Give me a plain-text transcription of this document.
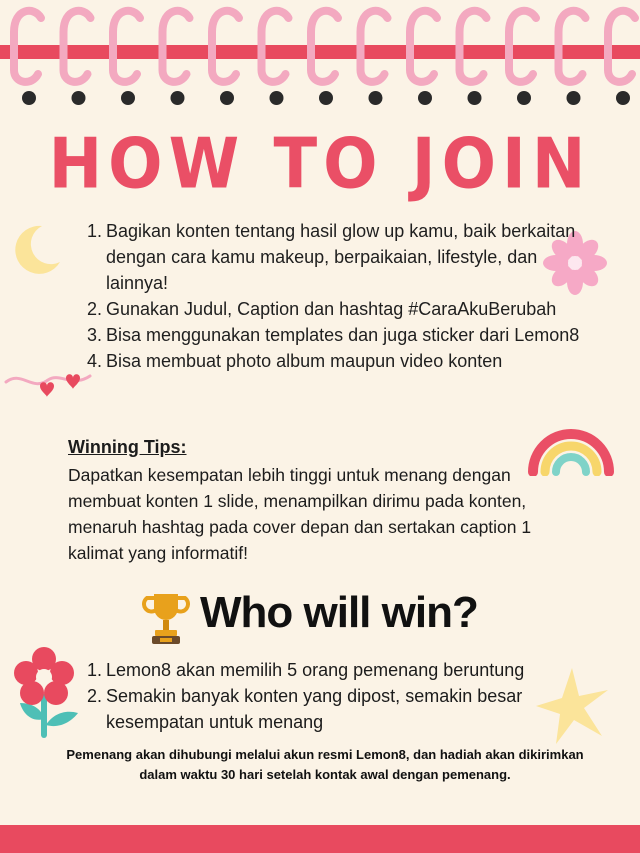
HOW TO JOIN
1. Bagikan konten tentang hasil glow up kamu, baik berkaitan dengan cara kamu makeup, berpaikaian, lifestyle, dan lainnya!
2. Gunakan Judul, Caption dan hashtag #CaraAkuBerubah
3. Bisa menggunakan templates dan juga sticker dari Lemon8
4. Bisa membuat photo album maupun video konten
Winning Tips:
Dapatkan kesempatan lebih tinggi untuk menang dengan membuat konten 1 slide, menampilkan dirimu pada konten, menaruh hashtag pada cover depan dan sertakan caption 1 kalimat yang informatif!
Who will win?
1. Lemon8 akan memilih 5 orang pemenang beruntung
2. Semakin banyak konten yang dipost, semakin besar kesempatan untuk menang
Pemenang akan dihubungi melalui akun resmi Lemon8, dan hadiah akan dikirimkan dalam waktu 30 hari setelah kontak awal dengan pemenang.
